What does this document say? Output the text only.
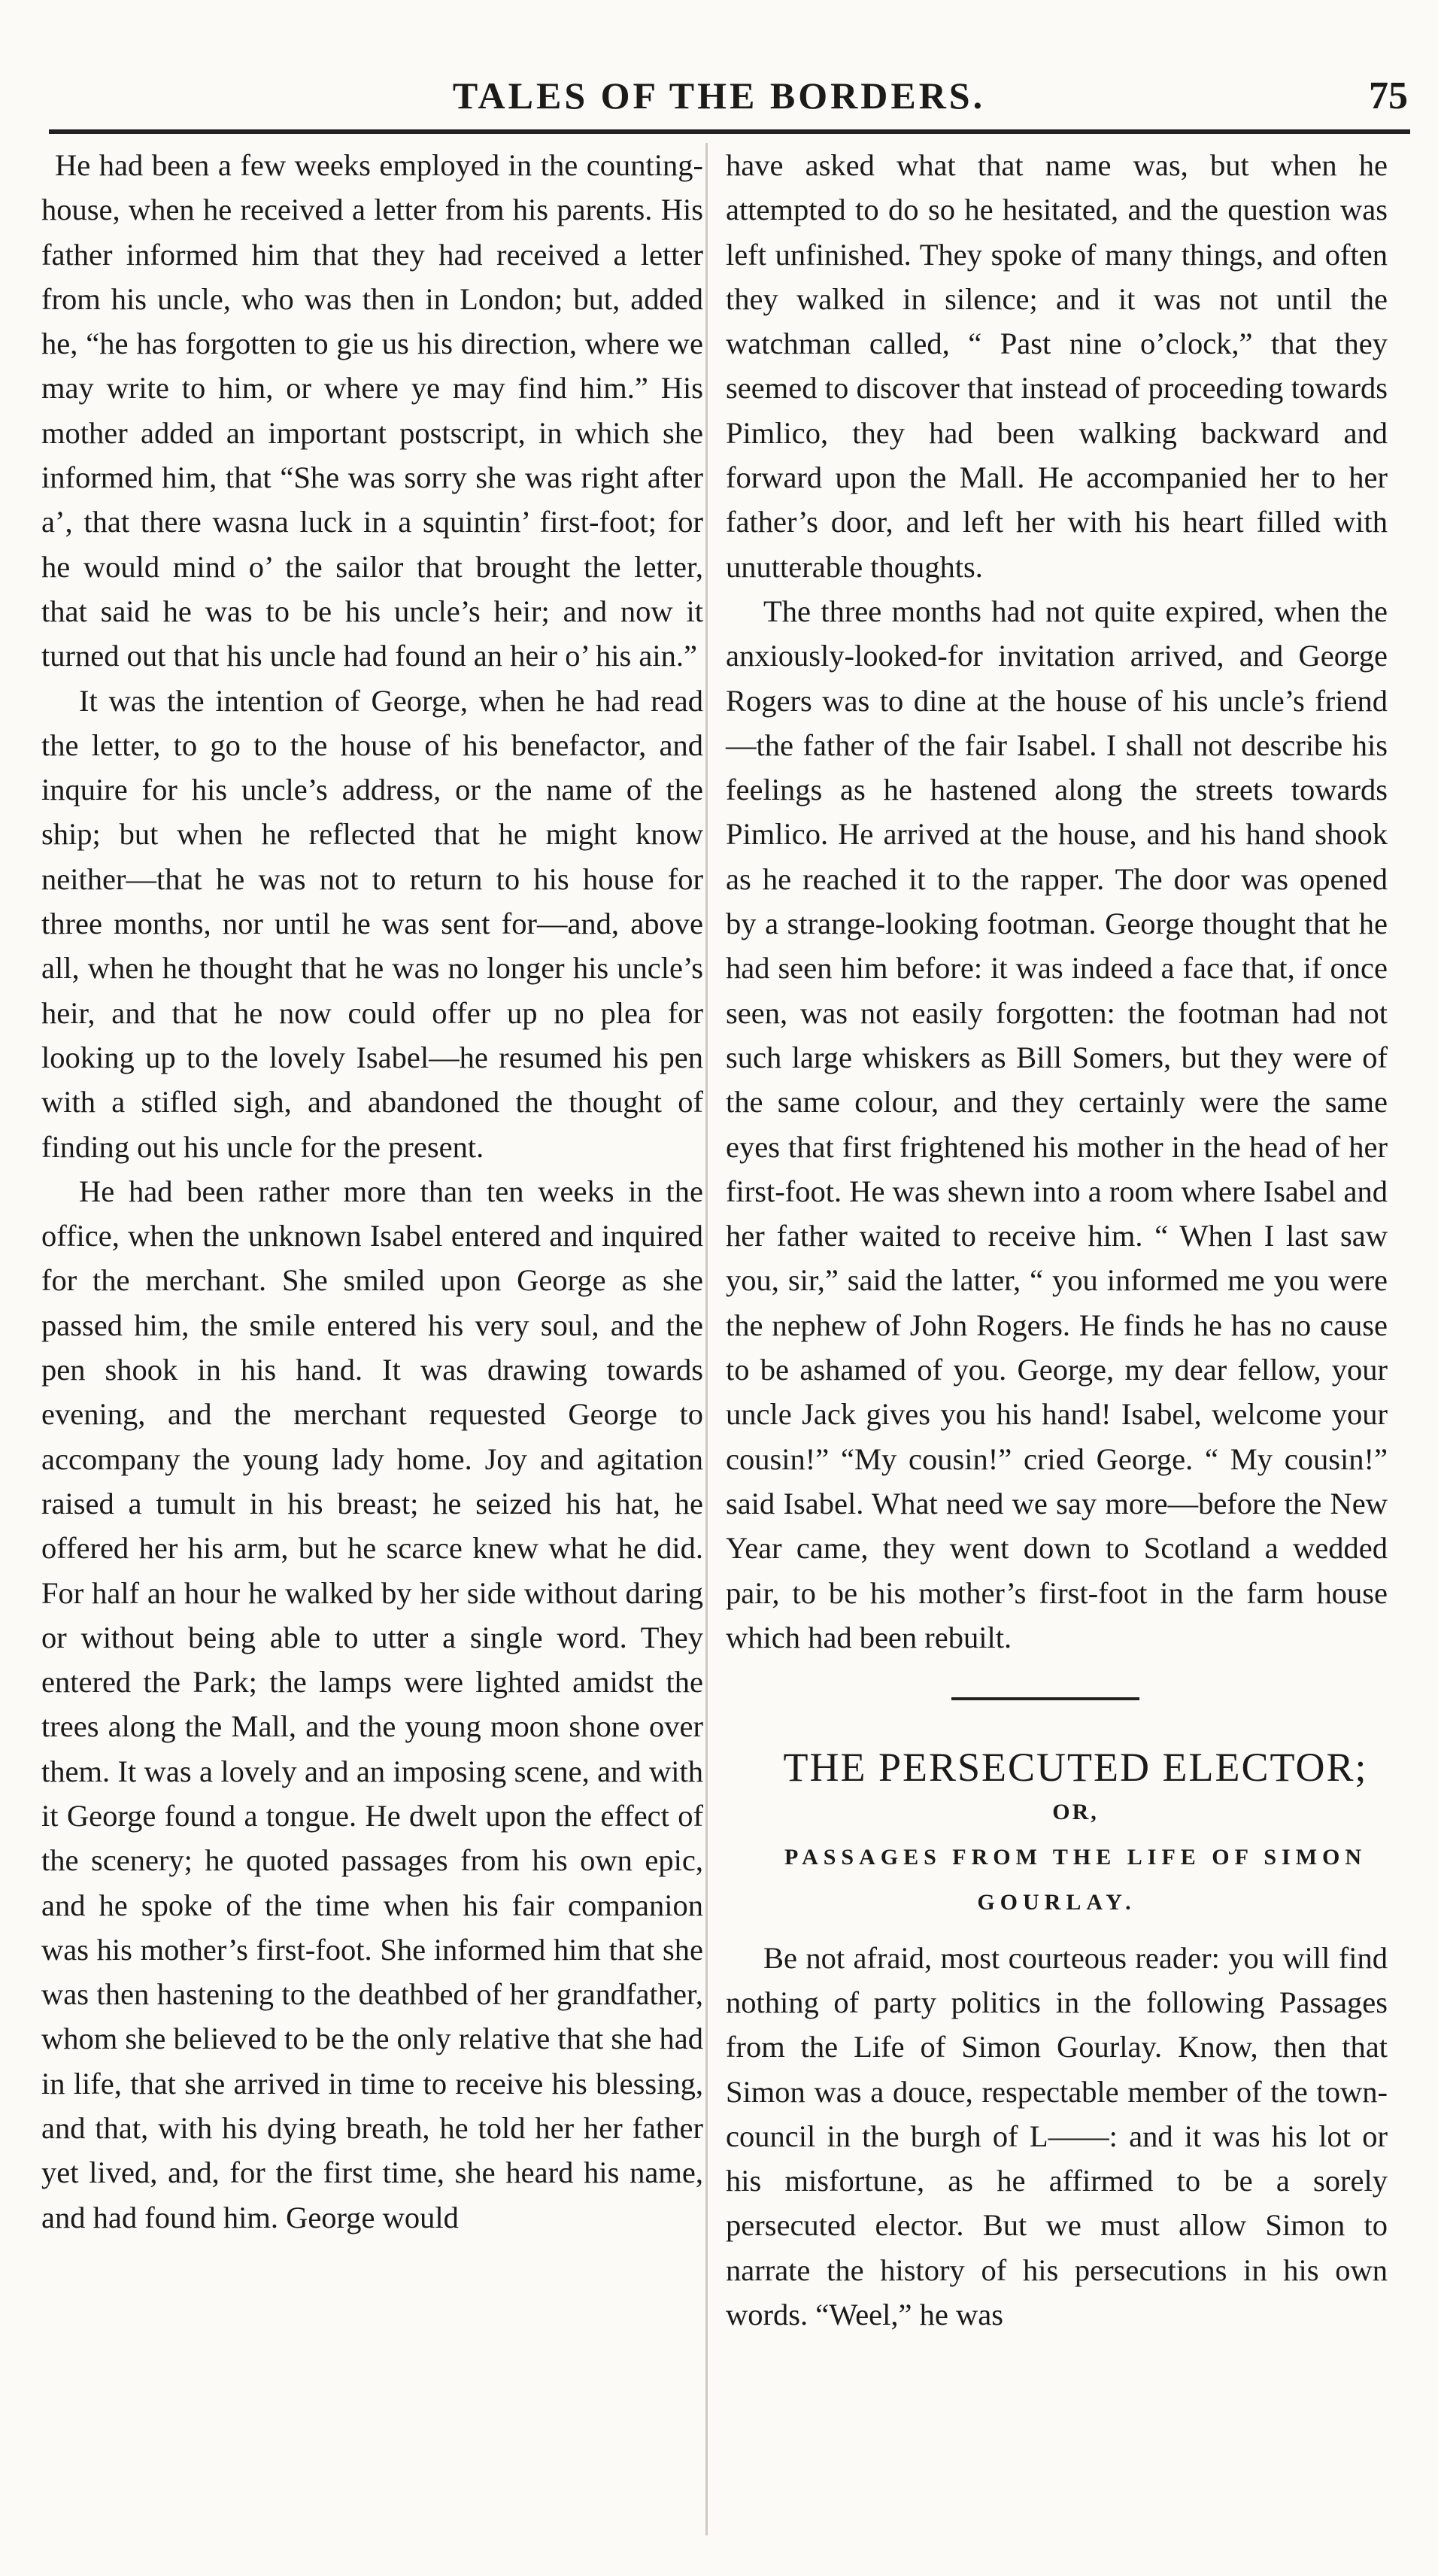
TALES OF THE BORDERS.	75

He had been a few weeks employed in the counting-house, when he received a letter from his parents. His father informed him that they had received a letter from his uncle, who was then in London; but, added he, “he has forgotten to gie us his direction, where we may write to him, or where ye may find him.” His mother added an important postscript, in which she informed him, that “She was sorry she was right after a’, that there wasna luck in a squintin’ first-foot; for he would mind o’ the sailor that brought the letter, that said he was to be his uncle’s heir; and now it turned out that his uncle had found an heir o’ his ain.”

It was the intention of George, when he had read the letter, to go to the house of his benefactor, and inquire for his uncle’s address, or the name of the ship; but when he reflected that he might know neither—that he was not to return to his house for three months, nor until he was sent for—and, above all, when he thought that he was no longer his uncle’s heir, and that he now could offer up no plea for looking up to the lovely Isabel—he resumed his pen with a stifled sigh, and abandoned the thought of finding out his uncle for the present.

He had been rather more than ten weeks in the office, when the unknown Isabel entered and inquired for the merchant. She smiled upon George as she passed him, the smile entered his very soul, and the pen shook in his hand. It was drawing towards evening, and the merchant requested George to accompany the young lady home. Joy and agitation raised a tumult in his breast; he seized his hat, he offered her his arm, but he scarce knew what he did. For half an hour he walked by her side without daring or without being able to utter a single word. They entered the Park; the lamps were lighted amidst the trees along the Mall, and the young moon shone over them. It was a lovely and an imposing scene, and with it George found a tongue. He dwelt upon the effect of the scenery; he quoted passages from his own epic, and he spoke of the time when his fair companion was his mother’s first-foot. She informed him that she was then hastening to the deathbed of her grandfather, whom she believed to be the only relative that she had in life, that she arrived in time to receive his blessing, and that, with his dying breath, he told her her father yet lived, and, for the first time, she heard his name, and had found him. George would

have asked what that name was, but when he attempted to do so he hesitated, and the question was left unfinished. They spoke of many things, and often they walked in silence; and it was not until the watchman called, “ Past nine o’clock,” that they seemed to discover that instead of proceeding towards Pimlico, they had been walking backward and forward upon the Mall. He accompanied her to her father’s door, and left her with his heart filled with unutterable thoughts.

The three months had not quite expired, when the anxiously-looked-for invitation arrived, and George Rogers was to dine at the house of his uncle’s friend—the father of the fair Isabel. I shall not describe his feelings as he hastened along the streets towards Pimlico. He arrived at the house, and his hand shook as he reached it to the rapper. The door was opened by a strange-looking footman. George thought that he had seen him before: it was indeed a face that, if once seen, was not easily forgotten: the footman had not such large whiskers as Bill Somers, but they were of the same colour, and they certainly were the same eyes that first frightened his mother in the head of her first-foot. He was shewn into a room where Isabel and her father waited to receive him. “ When I last saw you, sir,” said the latter, “ you informed me you were the nephew of John Rogers. He finds he has no cause to be ashamed of you. George, my dear fellow, your uncle Jack gives you his hand! Isabel, welcome your cousin!” “My cousin!” cried George. “ My cousin!” said Isabel. What need we say more—before the New Year came, they went down to Scotland a wedded pair, to be his mother’s first-foot in the farm house which had been rebuilt.

THE PERSECUTED ELECTOR;

OR,

PASSAGES FROM THE LIFE OF SIMON GOURLAY.

Be not afraid, most courteous reader: you will find nothing of party politics in the following Passages from the Life of Simon Gourlay. Know, then that Simon was a douce, respectable member of the town-council in the burgh of L——: and it was his lot or his misfortune, as he affirmed to be a sorely persecuted elector. But we must allow Simon to narrate the history of his persecutions in his own words. “Weel,” he was
